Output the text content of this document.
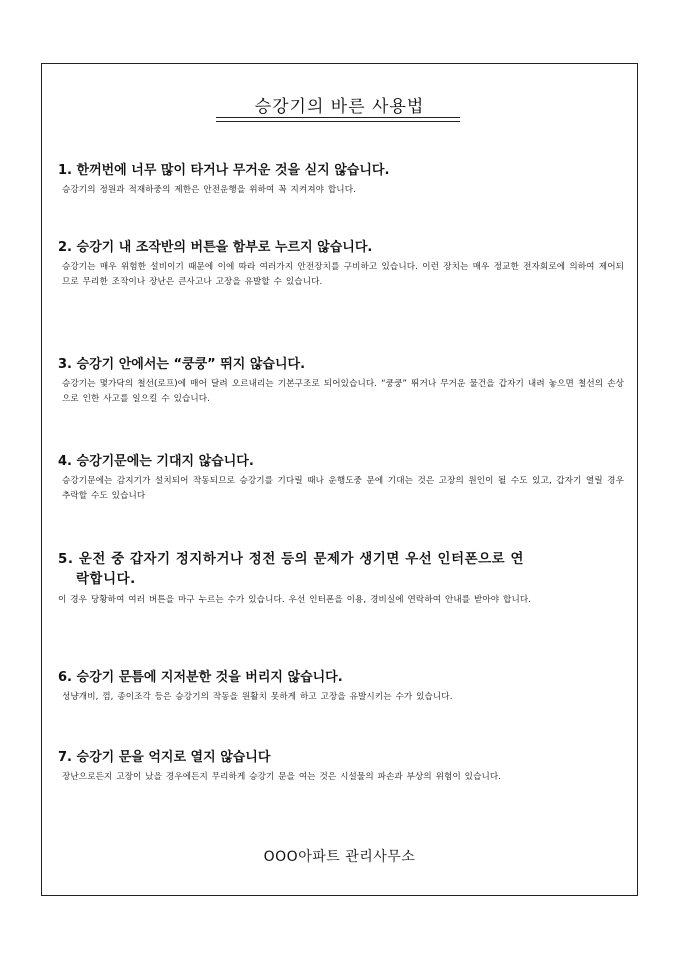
승강기의 바른 사용법

1. 한꺼번에 너무 많이 타거나 무거운 것을 싣지 않습니다.

승강기의 정원과 적재하중의 제한은 안전운행을 위하여 꼭 지켜져야 합니다.

2. 승강기 내 조작반의 버튼을 함부로 누르지 않습니다.

승강기는 매우 위험한 설비이기 때문에 이에 따라 여러가지 안전장치를 구비하고 있습니다. 이런 장치는 매우 정교한 전자회로에 의하여 제어되므로 무리한 조작이나 장난은 큰사고나 고장을 유발할 수 있습니다.

3. 승강기 안에서는 “쿵쿵” 뛰지 않습니다.

승강기는 몇가닥의 철선(로프)에 매어 달려 오르내리는 기본구조로 되어있습니다. “쿵쿵” 뛰거나 무거운 물건을 갑자기 내려 놓으면 철선의 손상으로 인한 사고를 일으킬 수 있습니다.

4. 승강기문에는 기대지 않습니다.

승강기문에는 감지기가 설치되어 작동되므로 승강기를 기다릴 때나 운행도중 문에 기대는 것은 고장의 원인이 될 수도 있고, 갑자기 열릴 경우 추락할 수도 있습니다

5. 운전 중 갑자기 정지하거나 정전 등의 문제가 생기면 우선 인터폰으로 연
락합니다.

이 경우 당황하여 여러 버튼을 마구 누르는 수가 있습니다. 우선 인터폰을 이용, 경비실에 연락하여 안내를 받아야 합니다.

6. 승강기 문틈에 지저분한 것을 버리지 않습니다.

성냥개비, 껌, 종이조각 등은 승강기의 작동을 원활치 못하게 하고 고장을 유발시키는 수가 있습니다.

7. 승강기 문을 억지로 열지 않습니다

장난으로든지 고장이 났을 경우에든지 무리하게 승강기 문을 여는 것은 시설물의 파손과 부상의 위험이 있습니다.

OOO아파트 관리사무소
